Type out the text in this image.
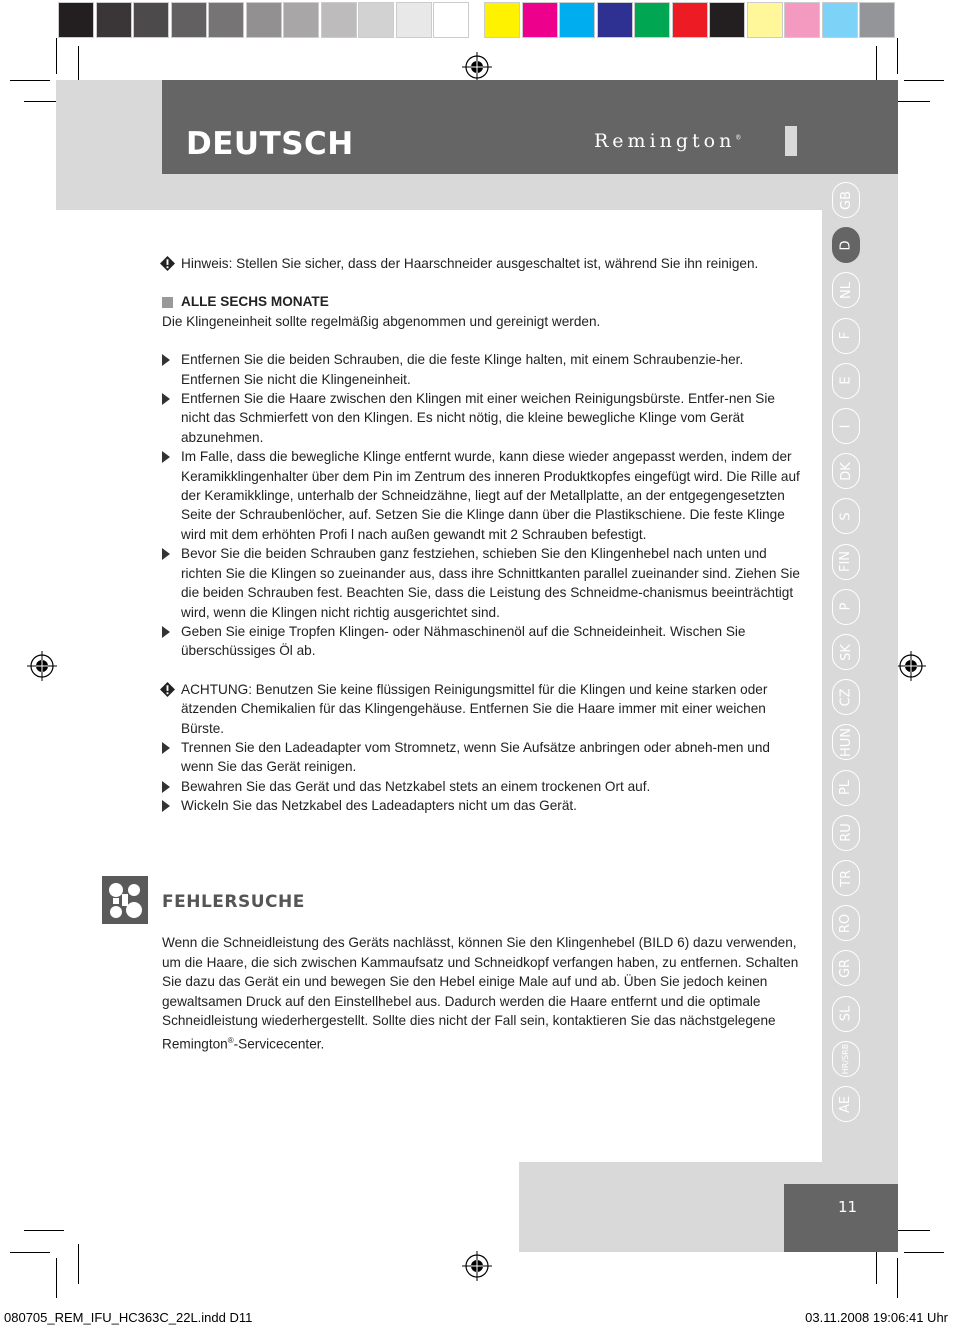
DEUTSCH	Remington®
GB
D
NL
F
E
I
DK
S
FIN
P
SK
CZ
HUN
PL
RU
TR
RO
GR
SL
HR/SRB
AE
Hinweis: Stellen Sie sicher, dass der Haarschneider ausgeschaltet ist, während Sie ihn reinigen.
ALLE SECHS MONATE
Die Klingeneinheit sollte regelmäßig abgenommen und gereinigt werden.
Entfernen Sie die beiden Schrauben, die die feste Klinge halten, mit einem Schraubenzie-her. Entfernen Sie nicht die Klingeneinheit.
Entfernen Sie die Haare zwischen den Klingen mit einer weichen Reinigungsbürste. Entfer-nen Sie nicht das Schmierfett von den Klingen. Es nicht nötig, die kleine bewegliche Klinge vom Gerät abzunehmen.
Im Falle, dass die bewegliche Klinge entfernt wurde, kann diese wieder angepasst werden, indem der Keramikklingenhalter über dem Pin im Zentrum des inneren Produktkopfes eingefügt wird. Die Rille auf der Keramikklinge, unterhalb der Schneidzähne, liegt auf der Metallplatte, an der entgegengesetzten Seite der Schraubenlöcher, auf. Setzen Sie die Klinge dann über die Plastikschiene. Die feste Klinge wird mit dem erhöhten Profi l nach außen gewandt mit 2 Schrauben befestigt.
Bevor Sie die beiden Schrauben ganz festziehen, schieben Sie den Klingenhebel nach unten und richten Sie die Klingen so zueinander aus, dass ihre Schnittkanten parallel zueinander sind. Ziehen Sie die beiden Schrauben fest. Beachten Sie, dass die Leistung des Schneidme-chanismus beeinträchtigt wird, wenn die Klingen nicht richtig ausgerichtet sind.
Geben Sie einige Tropfen Klingen- oder Nähmaschinenöl auf die Schneideinheit. Wischen Sie überschüssiges Öl ab.
ACHTUNG: Benutzen Sie keine flüssigen Reinigungsmittel für die Klingen und keine starken oder ätzenden Chemikalien für das Klingengehäuse. Entfernen Sie die Haare immer mit einer weichen Bürste.
Trennen Sie den Ladeadapter vom Stromnetz, wenn Sie Aufsätze anbringen oder abneh-men und wenn Sie das Gerät reinigen.
Bewahren Sie das Gerät und das Netzkabel stets an einem trockenen Ort auf.
Wickeln Sie das Netzkabel des Ladeadapters nicht um das Gerät.
FEHLERSUCHE
Wenn die Schneidleistung des Geräts nachlässt, können Sie den Klingenhebel (BILD 6) dazu verwenden, um die Haare, die sich zwischen Kammaufsatz und Schneidkopf verfangen haben, zu entfernen. Schalten Sie dazu das Gerät ein und bewegen Sie den Hebel einige Male auf und ab. Üben Sie jedoch keinen gewaltsamen Druck auf den Einstellhebel aus. Dadurch werden die Haare entfernt und die optimale Schneidleistung wiederhergestellt. Sollte dies nicht der Fall sein, kontaktieren Sie das nächstgelegene Remington®-Servicecenter.
11
080705_REM_IFU_HC363C_22L.indd D11	03.11.2008 19:06:41 Uhr
